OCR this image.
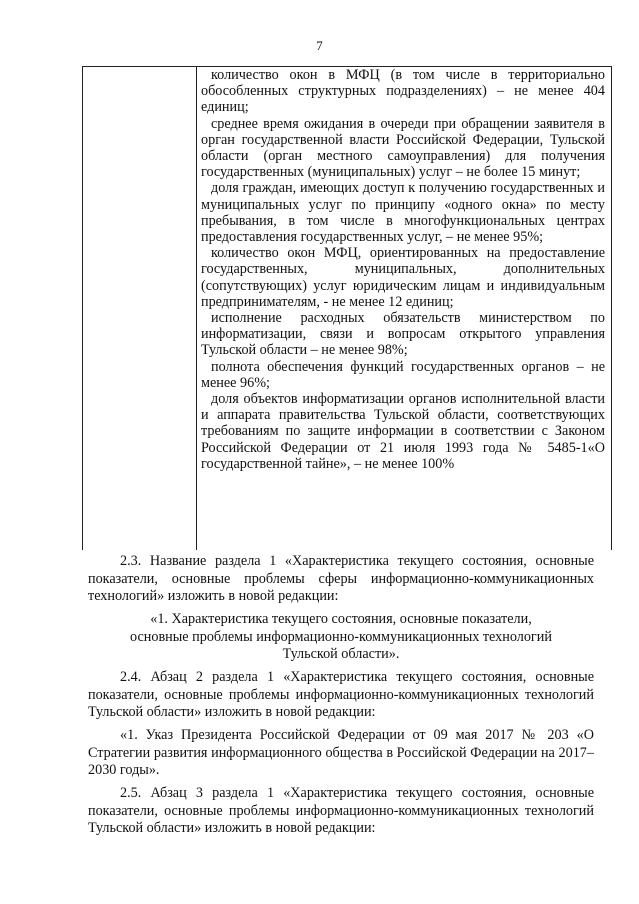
7

количество окон в МФЦ (в том числе в территориально обособленных структурных подразделениях) – не менее 404 единиц;

среднее время ожидания в очереди при обращении заявителя в орган государственной власти Российской Федерации, Тульской области (орган местного самоуправления) для получения государственных (муниципальных) услуг – не более 15 минут;

доля граждан, имеющих доступ к получению государственных и муниципальных услуг по принципу «одного окна» по месту пребывания, в том числе в многофункциональных центрах предоставления государственных услуг, – не менее 95%;

количество окон МФЦ, ориентированных на предоставление государственных, муниципальных, дополнительных (сопутствующих) услуг юридическим лицам и индивидуальным предпринимателям, - не менее 12 единиц;

исполнение расходных обязательств министерством по информатизации, связи и вопросам открытого управления Тульской области – не менее 98%;

полнота обеспечения функций государственных органов – не менее 96%;

доля объектов информатизации органов исполнительной власти и аппарата правительства Тульской области, соответствующих требованиям по защите информации в соответствии с Законом Российской Федерации от 21 июля 1993 года № 5485-1«О государственной тайне», – не менее 100%

2.3. Название раздела 1 «Характеристика текущего состояния, основные показатели, основные проблемы сферы информационно-коммуникационных технологий» изложить в новой редакции:

«1. Характеристика текущего состояния, основные показатели,

основные проблемы информационно-коммуникационных технологий

Тульской области».

2.4. Абзац 2 раздела 1 «Характеристика текущего состояния, основные показатели, основные проблемы информационно-коммуникационных технологий Тульской области» изложить в новой редакции:

«1. Указ Президента Российской Федерации от 09 мая 2017 № 203 «О Стратегии развития информационного общества в Российской Федерации на 2017–2030 годы».

2.5. Абзац 3 раздела 1 «Характеристика текущего состояния, основные показатели, основные проблемы информационно-коммуникационных технологий Тульской области» изложить в новой редакции:
